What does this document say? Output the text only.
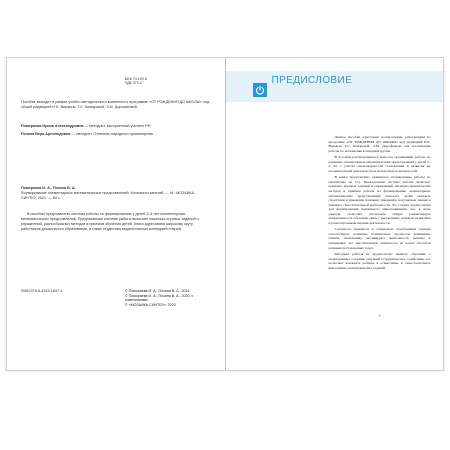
ББК 74.100.5
УДК 373.2
Пособие выходит в рамках учебно-методического комплекта к программе «ОТ РОЖДЕНИЯ ДО ШКОЛЫ» под общей редакцией Н.Е. Вераксы, Т.С. Комаровой, Э.М. Дорофеевой.

Помораева Ирина Александровна — методист, заслуженный учитель РФ;

Позина Вера Арнольдовна — методист, Отличник народного просвещения.

Помораева И. А., Позина В. А.

Формирование элементарных математических представлений: Конспекты занятий. — М.: МОЗАИКА-СИНТЕЗ, 2021. — 64 с.

В пособии представлены система работы по формированию у детей 3–4 лет элементарных математических представлений. Предлагаемая система работы включает комплекс игровых заданий и упражнений, разнообразных методов и приемов обучения детей. Книга адресована широкому кругу работников дошкольного образования, а также студентам педагогических колледжей и вузов.

ISBN 978-5-4315-1647-4	© Помораева И. А., Позина В. А., 2014
© Помораева И. А., Позина В. А., 2020, с изменениями
© «МОЗАИКА-СИНТЕЗ», 2020
ПРЕДИСЛОВИЕ

Данное пособие адресовано воспитателям, работающим по программе «ОТ РОЖДЕНИЯ ДО ШКОЛЫ» под редакцией Н.Е. Вераксы, Т.С. Комаровой, Э.М. Дорофеевой, для организации работы по математике в младшей группе.

В пособии рассматриваются вопросы организации работы по развитию элементарных математических представлений у детей 3–4 лет с учетом закономерностей становления и развития их познавательной деятельности и возрастных возможностей.

В книге представлено примерное планирование работы по математике на год. Предлагаемая система работы включает комплекс игровых заданий и упражнений, наглядно-практических методов и приемов работы по формированию элементарных математических представлений; помогает детям овладеть способами и приемами познания, применять полученные знания и умения в самостоятельной деятельности. Это создает предпосылки для формирования правильного миропонимания, что, в свою очередь, позволяет обеспечить общую развивающую направленность обучения, связь с умственным, речевым развитием и разнообразными видами деятельности.

Сложность материала и специально подобранные задания способствуют развитию психических процессов (внимания, памяти, мышления), мотивируют деятельность ребенка и направляют его мыслительную активность на поиск способов решения поставленных задач.

Методика работы не предполагает прямого обучения, а подразумевает создание ситуаций сотрудничества, содействия, что позволяет вовлекать ребенка в осмысление и самостоятельное выполнение математических заданий.

3
